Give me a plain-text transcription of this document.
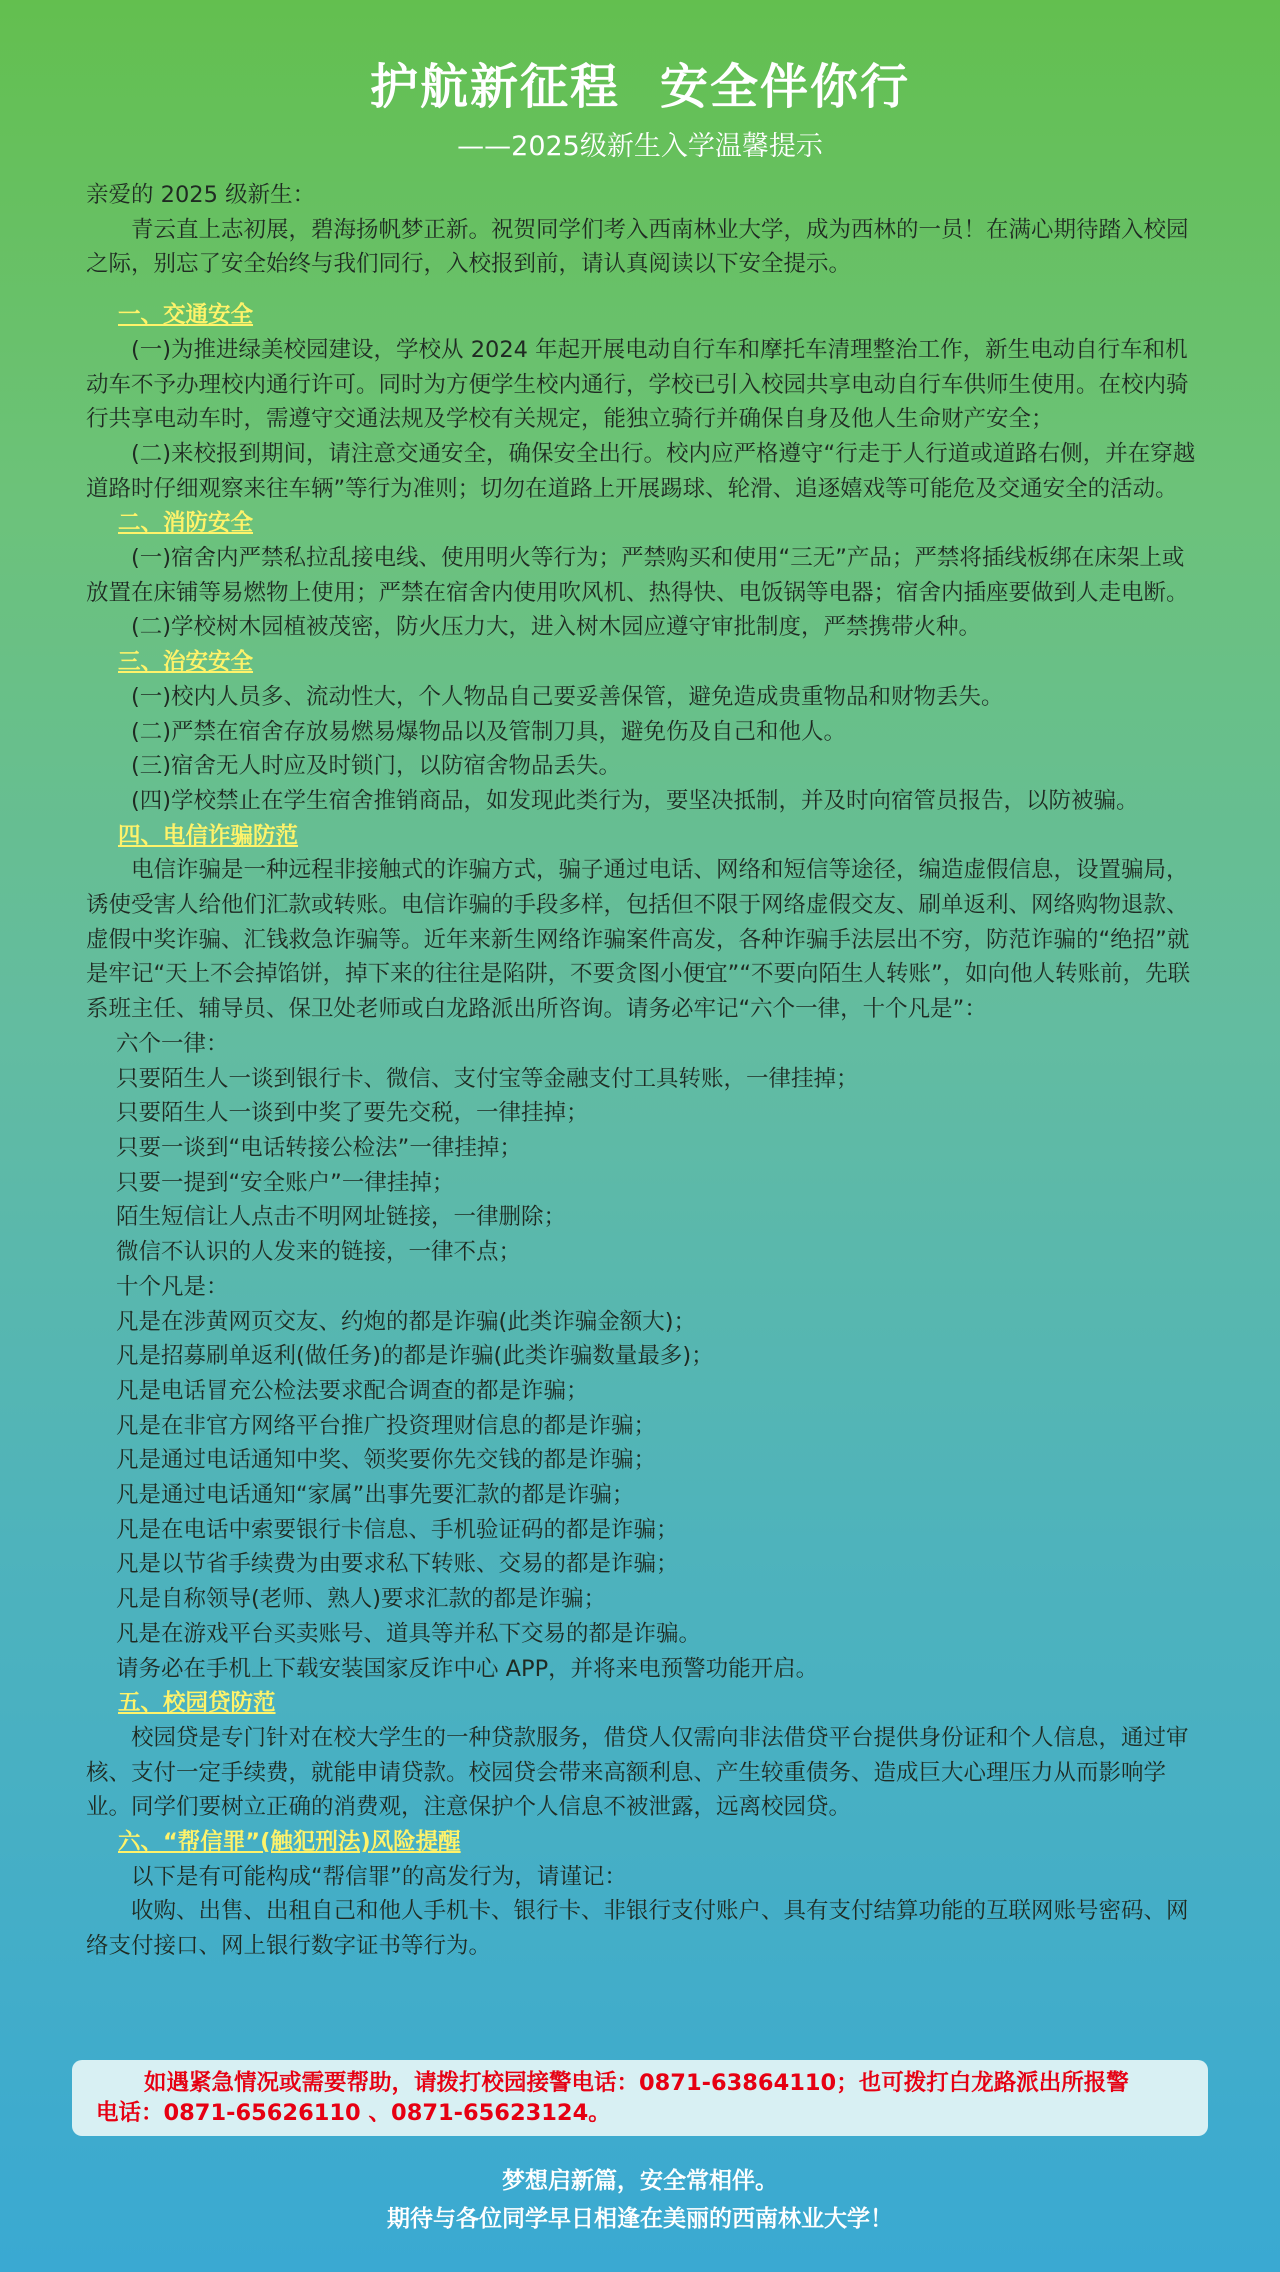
护航新征程 安全伴你行
——2025级新生入学温馨提示

亲爱的 2025 级新生：

青云直上志初展，碧海扬帆梦正新。祝贺同学们考入西南林业大学，成为西林的一员！在满心期待踏入校园之际，别忘了安全始终与我们同行，入校报到前，请认真阅读以下安全提示。

一、交通安全

(一)为推进绿美校园建设，学校从 2024 年起开展电动自行车和摩托车清理整治工作，新生电动自行车和机动车不予办理校内通行许可。同时为方便学生校内通行，学校已引入校园共享电动自行车供师生使用。在校内骑行共享电动车时，需遵守交通法规及学校有关规定，能独立骑行并确保自身及他人生命财产安全；

(二)来校报到期间，请注意交通安全，确保安全出行。校内应严格遵守“行走于人行道或道路右侧，并在穿越道路时仔细观察来往车辆”等行为准则；切勿在道路上开展踢球、轮滑、追逐嬉戏等可能危及交通安全的活动。

二、消防安全

(一)宿舍内严禁私拉乱接电线、使用明火等行为；严禁购买和使用“三无”产品；严禁将插线板绑在床架上或放置在床铺等易燃物上使用；严禁在宿舍内使用吹风机、热得快、电饭锅等电器；宿舍内插座要做到人走电断。

(二)学校树木园植被茂密，防火压力大，进入树木园应遵守审批制度，严禁携带火种。

三、治安安全

(一)校内人员多、流动性大，个人物品自己要妥善保管，避免造成贵重物品和财物丢失。

(二)严禁在宿舍存放易燃易爆物品以及管制刀具，避免伤及自己和他人。

(三)宿舍无人时应及时锁门，以防宿舍物品丢失。

(四)学校禁止在学生宿舍推销商品，如发现此类行为，要坚决抵制，并及时向宿管员报告，以防被骗。

四、电信诈骗防范

电信诈骗是一种远程非接触式的诈骗方式，骗子通过电话、网络和短信等途径，编造虚假信息，设置骗局，诱使受害人给他们汇款或转账。电信诈骗的手段多样，包括但不限于网络虚假交友、刷单返利、网络购物退款、虚假中奖诈骗、汇钱救急诈骗等。近年来新生网络诈骗案件高发，各种诈骗手法层出不穷，防范诈骗的“绝招”就是牢记“天上不会掉馅饼，掉下来的往往是陷阱，不要贪图小便宜”“不要向陌生人转账”，如向他人转账前，先联系班主任、辅导员、保卫处老师或白龙路派出所咨询。请务必牢记“六个一律，十个凡是”：

六个一律：

只要陌生人一谈到银行卡、微信、支付宝等金融支付工具转账，一律挂掉；

只要陌生人一谈到中奖了要先交税，一律挂掉；

只要一谈到“电话转接公检法”一律挂掉；

只要一提到“安全账户”一律挂掉；

陌生短信让人点击不明网址链接，一律删除；

微信不认识的人发来的链接，一律不点；

十个凡是：

凡是在涉黄网页交友、约炮的都是诈骗(此类诈骗金额大)；

凡是招募刷单返利(做任务)的都是诈骗(此类诈骗数量最多)；

凡是电话冒充公检法要求配合调查的都是诈骗；

凡是在非官方网络平台推广投资理财信息的都是诈骗；

凡是通过电话通知中奖、领奖要你先交钱的都是诈骗；

凡是通过电话通知“家属”出事先要汇款的都是诈骗；

凡是在电话中索要银行卡信息、手机验证码的都是诈骗；

凡是以节省手续费为由要求私下转账、交易的都是诈骗；

凡是自称领导(老师、熟人)要求汇款的都是诈骗；

凡是在游戏平台买卖账号、道具等并私下交易的都是诈骗。

请务必在手机上下载安装国家反诈中心 APP，并将来电预警功能开启。

五、校园贷防范

校园贷是专门针对在校大学生的一种贷款服务，借贷人仅需向非法借贷平台提供身份证和个人信息，通过审核、支付一定手续费，就能申请贷款。校园贷会带来高额利息、产生较重债务、造成巨大心理压力从而影响学业。同学们要树立正确的消费观，注意保护个人信息不被泄露，远离校园贷。

六、“帮信罪”(触犯刑法)风险提醒

以下是有可能构成“帮信罪”的高发行为，请谨记：

收购、出售、出租自己和他人手机卡、银行卡、非银行支付账户、具有支付结算功能的互联网账号密码、网络支付接口、网上银行数字证书等行为。

如遇紧急情况或需要帮助，请拨打校园接警电话：0871-63864110；也可拨打白龙路派出所报警
电话：0871-65626110 、0871-65623124。
梦想启新篇，安全常相伴。
期待与各位同学早日相逢在美丽的西南林业大学！
